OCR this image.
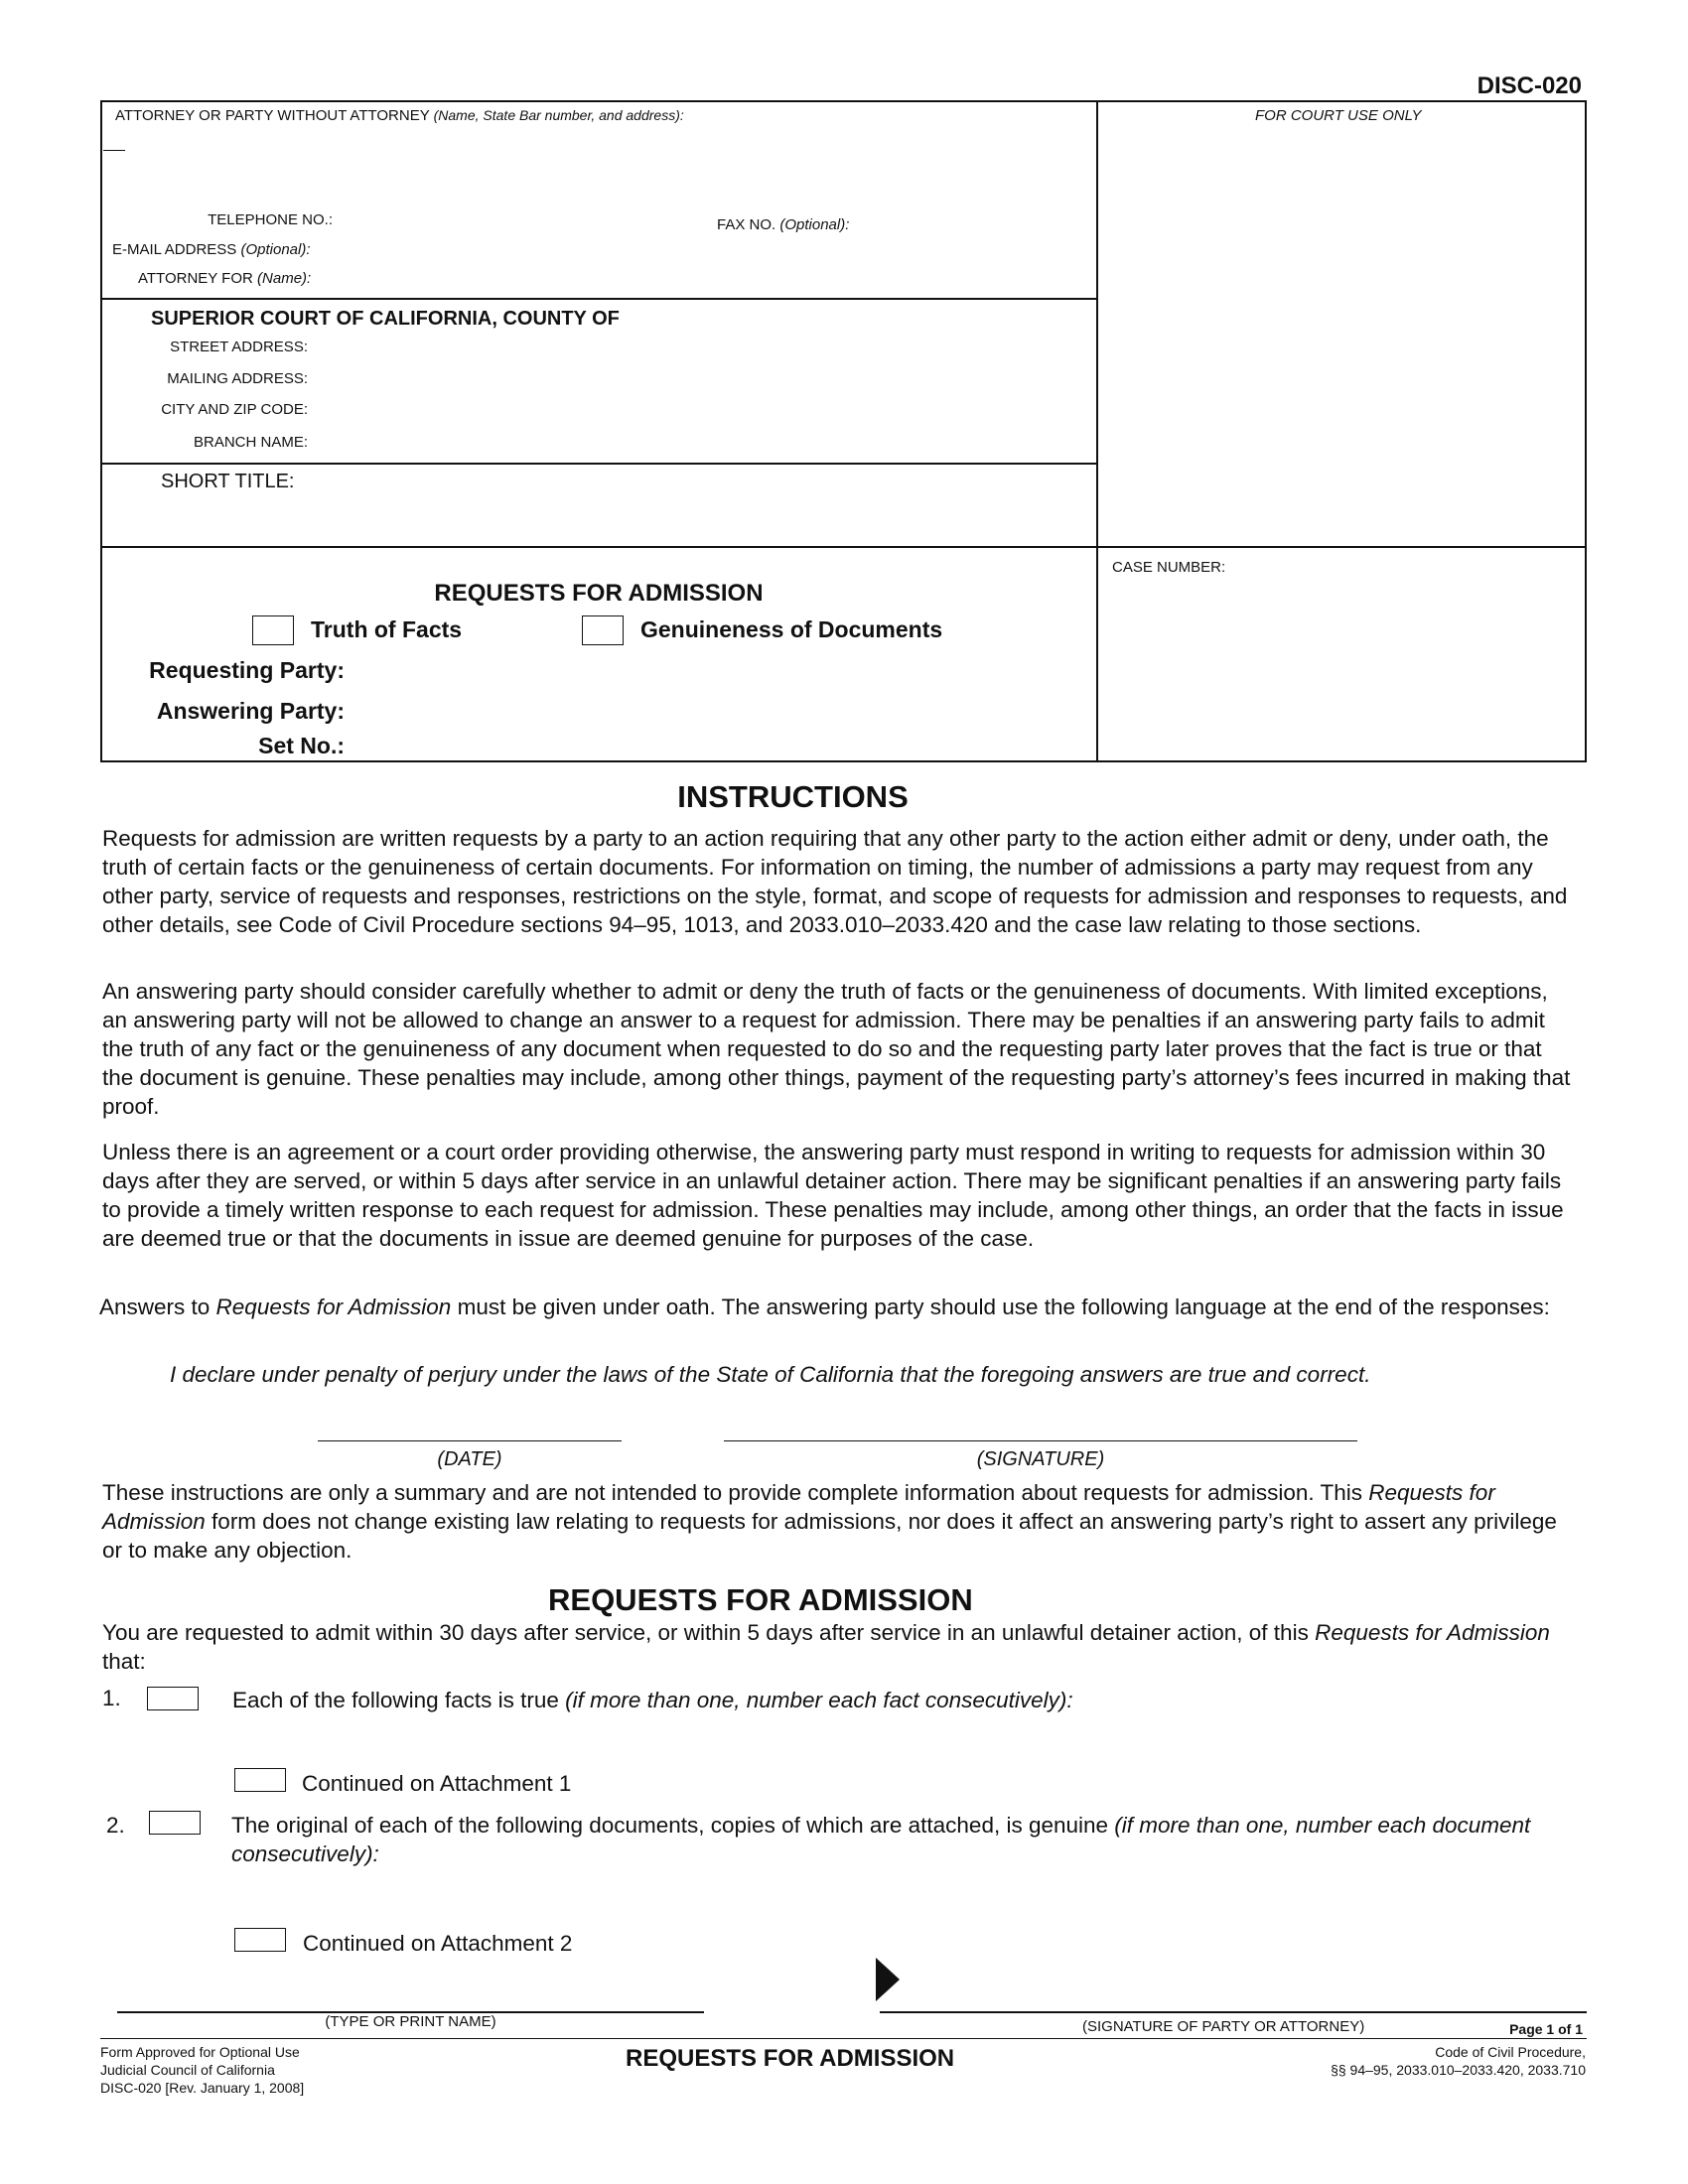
DISC-020
ATTORNEY OR PARTY WITHOUT ATTORNEY (Name, State Bar number, and address):	FOR COURT USE ONLY
TELEPHONE NO.:	FAX NO. (Optional):
E-MAIL ADDRESS (Optional):
ATTORNEY FOR (Name):
SUPERIOR COURT OF CALIFORNIA, COUNTY OF
STREET ADDRESS:
MAILING ADDRESS:
CITY AND ZIP CODE:
BRANCH NAME:
SHORT TITLE:
REQUESTS FOR ADMISSION
Truth of Facts	Genuineness of Documents
Requesting Party:
Answering Party:
Set No.:
CASE NUMBER:
INSTRUCTIONS

Requests for admission are written requests by a party to an action requiring that any other party to the action either admit or deny, under oath, the truth of certain facts or the genuineness of certain documents. For information on timing, the number of admissions a party may request from any other party, service of requests and responses, restrictions on the style, format, and scope of requests for admission and responses to requests, and other details, see Code of Civil Procedure sections 94–95, 1013, and 2033.010–2033.420 and the case law relating to those sections.

An answering party should consider carefully whether to admit or deny the truth of facts or the genuineness of documents. With limited exceptions, an answering party will not be allowed to change an answer to a request for admission. There may be penalties if an answering party fails to admit the truth of any fact or the genuineness of any document when requested to do so and the requesting party later proves that the fact is true or that the document is genuine. These penalties may include, among other things, payment of the requesting party’s attorney’s fees incurred in making that proof.

Unless there is an agreement or a court order providing otherwise, the answering party must respond in writing to requests for admission within 30 days after they are served, or within 5 days after service in an unlawful detainer action. There may be significant penalties if an answering party fails to provide a timely written response to each request for admission. These penalties may include, among other things, an order that the facts in issue are deemed true or that the documents in issue are deemed genuine for purposes of the case.

Answers to Requests for Admission must be given under oath. The answering party should use the following language at the end of the responses:

I declare under penalty of perjury under the laws of the State of California that the foregoing answers are true and correct.
(DATE)	(SIGNATURE)

These instructions are only a summary and are not intended to provide complete information about requests for admission. This Requests for Admission form does not change existing law relating to requests for admissions, nor does it affect an answering party’s right to assert any privilege or to make any objection.

REQUESTS FOR ADMISSION

You are requested to admit within 30 days after service, or within 5 days after service in an unlawful detainer action, of this Requests for Admission that:

1.	Each of the following facts is true (if more than one, number each fact consecutively):
Continued on Attachment 1
2.	The original of each of the following documents, copies of which are attached, is genuine (if more than one, number each document consecutively):

Continued on Attachment 2
(TYPE OR PRINT NAME)	(SIGNATURE OF PARTY OR ATTORNEY)	Page 1 of 1
Form Approved for Optional Use
Judicial Council of California
DISC-020 [Rev. January 1, 2008]
REQUESTS FOR ADMISSION	Code of Civil Procedure,
§§ 94–95, 2033.010–2033.420, 2033.710
